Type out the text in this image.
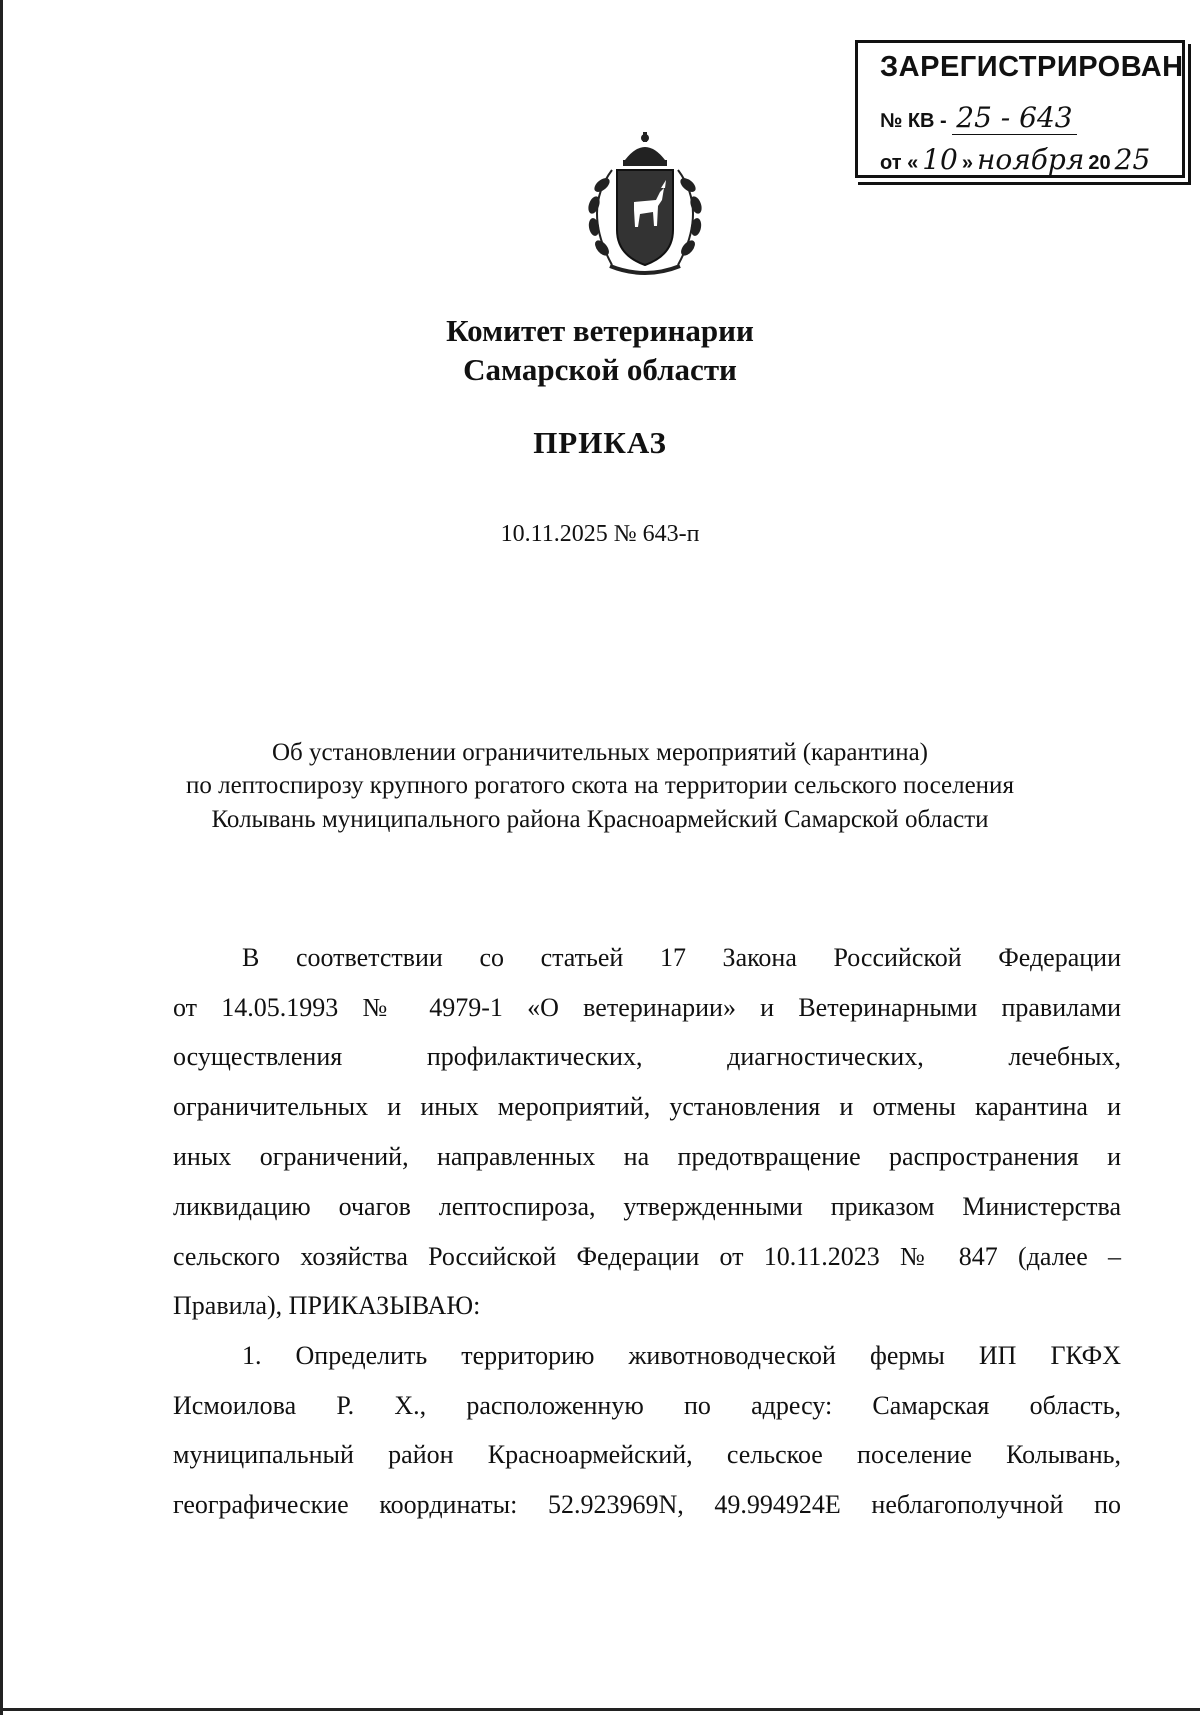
ЗАРЕГИСТРИРОВАН
№ КВ - 25 - 643
от « 10 » ноября 20 25
Комитет ветеринарии
Самарской области
ПРИКАЗ
10.11.2025 № 643-п
Об установлении ограничительных мероприятий (карантина)
по лептоспирозу крупного рогатого скота на территории сельского поселения
Колывань муниципального района Красноармейский Самарской области
В соответствии со статьей 17 Закона Российской Федерации
от 14.05.1993 № 4979-1 «О ветеринарии» и Ветеринарными правилами
осуществления профилактических, диагностических, лечебных,
ограничительных и иных мероприятий, установления и отмены карантина и
иных ограничений, направленных на предотвращение распространения и
ликвидацию очагов лептоспироза, утвержденными приказом Министерства
сельского хозяйства Российской Федерации от 10.11.2023 № 847 (далее –
Правила), ПРИКАЗЫВАЮ:
1. Определить территорию животноводческой фермы ИП ГКФХ
Исмоилова Р. Х., расположенную по адресу: Самарская область,
муниципальный район Красноармейский, сельское поселение Колывань,
географические координаты: 52.923969N, 49.994924E неблагополучной по
